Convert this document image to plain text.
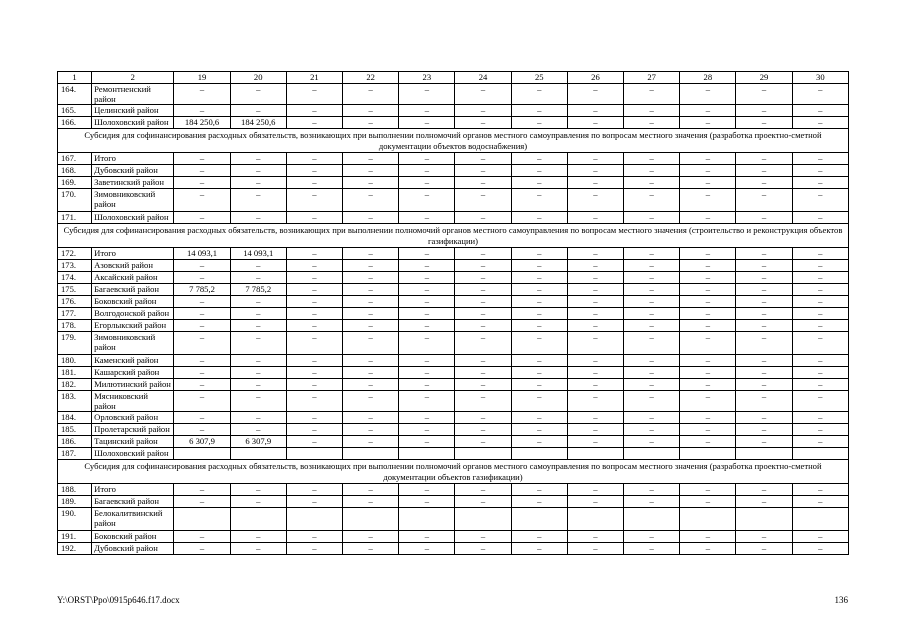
1	2	19	20	21	22	23	24	25	26	27	28	29	30
164.	Ремонтненский район	–	–	–	–	–	–	–	–	–	–	–	–
165.	Целинский район	–	–	–	–	–	–	–	–	–	–	–	–
166.	Шолоховский район	184 250,6	184 250,6	–	–	–	–	–	–	–	–	–	–
Субсидия для софинансирования расходных обязательств, возникающих при выполнении полномочий органов местного самоуправления по вопросам местного значения (разработка проектно-сметной документации объектов водоснабжения)													
167.	Итого	–	–	–	–	–	–	–	–	–	–	–	–
168.	Дубовский район	–	–	–	–	–	–	–	–	–	–	–	–
169.	Заветинский район	–	–	–	–	–	–	–	–	–	–	–	–
170.	Зимовниковский район	–	–	–	–	–	–	–	–	–	–	–	–
171.	Шолоховский район	–	–	–	–	–	–	–	–	–	–	–	–
Субсидия для софинансирования расходных обязательств, возникающих при выполнении полномочий органов местного самоуправления по вопросам местного значения (строительство и реконструкция объектов газификации)													
172.	Итого	14 093,1	14 093,1	–	–	–	–	–	–	–	–	–	–
173.	Азовский район	–	–	–	–	–	–	–	–	–	–	–	–
174.	Аксайский район	–	–	–	–	–	–	–	–	–	–	–	–
175.	Багаевский район	7 785,2	7 785,2	–	–	–	–	–	–	–	–	–	–
176.	Боковский район	–	–	–	–	–	–	–	–	–	–	–	–
177.	Волгодонской район	–	–	–	–	–	–	–	–	–	–	–	–
178.	Егорлыкский район	–	–	–	–	–	–	–	–	–	–	–	–
179.	Зимовниковский район	–	–	–	–	–	–	–	–	–	–	–	–
180.	Каменский район	–	–	–	–	–	–	–	–	–	–	–	–
181.	Кашарский район	–	–	–	–	–	–	–	–	–	–	–	–
182.	Милютинский район	–	–	–	–	–	–	–	–	–	–	–	–
183.	Мясниковский район	–	–	–	–	–	–	–	–	–	–	–	–
184.	Орловский район	–	–	–	–	–	–	–	–	–	–	–	–
185.	Пролетарский район	–	–	–	–	–	–	–	–	–	–	–	–
186.	Тацинский район	6 307,9	6 307,9	–	–	–	–	–	–	–	–	–	–
187.	Шолоховский район												
Субсидия для софинансирования расходных обязательств, возникающих при выполнении полномочий органов местного самоуправления по вопросам местного значения (разработка проектно-сметной документации объектов газификации)													
188.	Итого	–	–	–	–	–	–	–	–	–	–	–	–
189.	Багаевский район	–	–	–	–	–	–	–	–	–	–	–	–
190.	Белокалитвинский район												
191.	Боковский район	–	–	–	–	–	–	–	–	–	–	–	–
192.	Дубовский район	–	–	–	–	–	–	–	–	–	–	–	–
Y:\ORST\Ppo\0915p646.f17.docx	136
